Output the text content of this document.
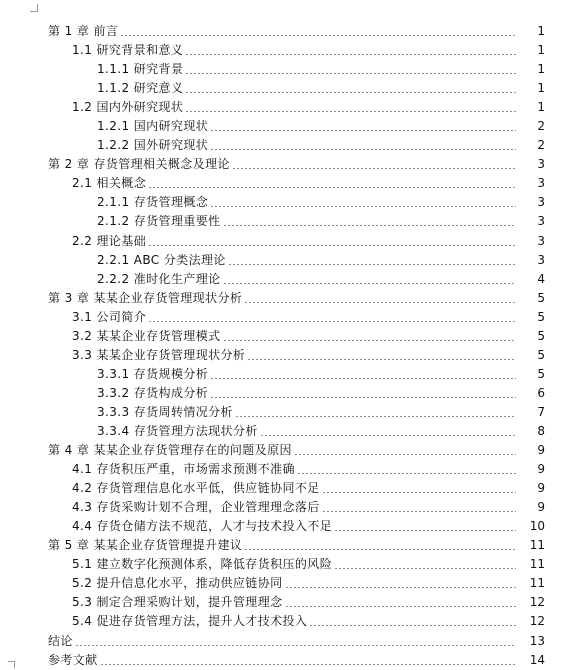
第 1 章 前言	1
1.1 研究背景和意义	1
1.1.1 研究背景	1
1.1.2 研究意义	1
1.2 国内外研究现状	1
1.2.1 国内研究现状	2
1.2.2 国外研究现状	2
第 2 章 存货管理相关概念及理论	3
2.1 相关概念	3
2.1.1 存货管理概念	3
2.1.2 存货管理重要性	3
2.2 理论基础	3
2.2.1 ABC 分类法理论	3
2.2.2 准时化生产理论	4
第 3 章 某某企业存货管理现状分析	5
3.1 公司简介	5
3.2 某某企业存货管理模式	5
3.3 某某企业存货管理现状分析	5
3.3.1 存货规模分析	5
3.3.2 存货构成分析	6
3.3.3 存货周转情况分析	7
3.3.4 存货管理方法现状分析	8
第 4 章 某某企业存货管理存在的问题及原因	9
4.1 存货积压严重，市场需求预测不准确	9
4.2 存货管理信息化水平低，供应链协同不足	9
4.3 存货采购计划不合理，企业管理理念落后	9
4.4 存货仓储方法不规范，人才与技术投入不足	10
第 5 章 某某企业存货管理提升建议	11
5.1 建立数字化预测体系，降低存货积压的风险	11
5.2 提升信息化水平，推动供应链协同	11
5.3 制定合理采购计划，提升管理理念	12
5.4 促进存货管理方法，提升人才技术投入	12
结论	13
参考文献	14
